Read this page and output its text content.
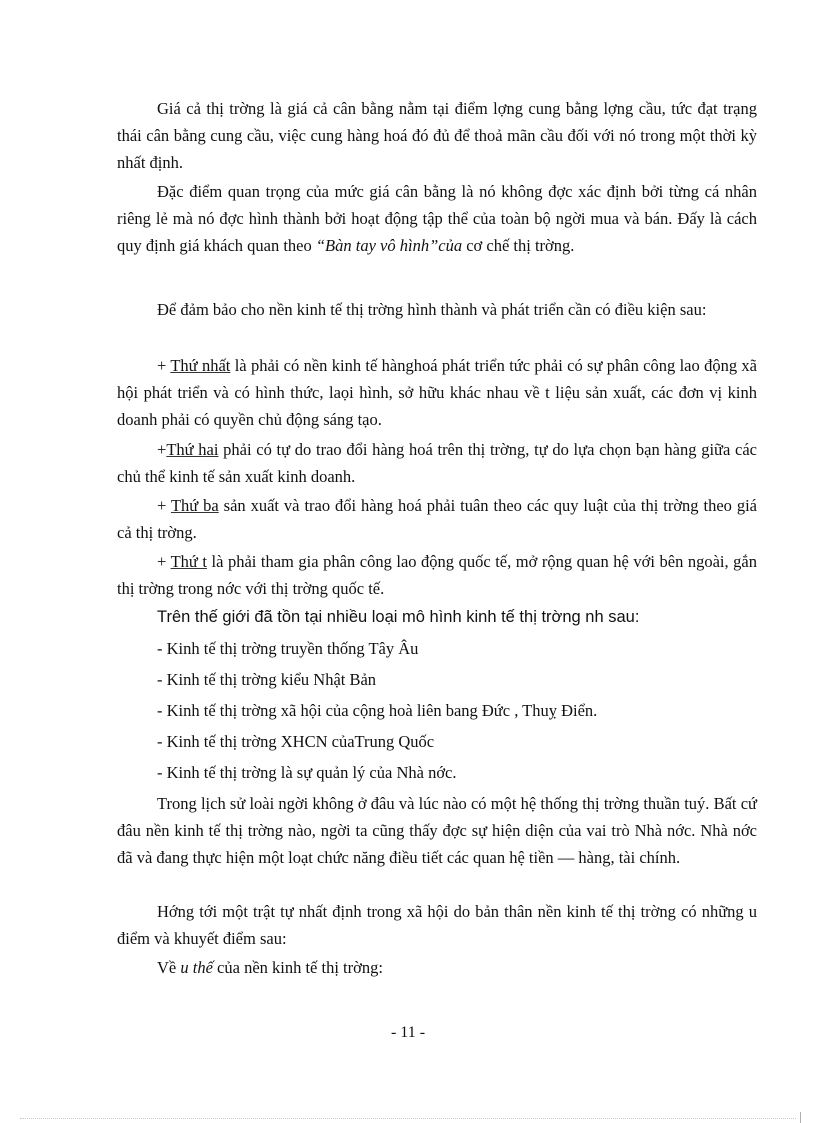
Giá cả thị trờng là giá cả cân bằng nằm tại điểm lợng cung bằng lợng cầu, tức đạt trạng thái cân bằng cung cầu, việc cung hàng hoá đó đủ để thoả mãn cầu đối với nó trong một thời kỳ nhất định.

Đặc điểm quan trọng của mức giá cân bằng là nó không đợc xác định bởi từng cá nhân riêng lẻ mà nó đợc hình thành bởi hoạt động tập thể của toàn bộ ngời mua và bán. Đấy là cách quy định giá khách quan theo “Bàn tay vô hình”của cơ chế thị trờng.

Để đảm bảo cho nền kinh tế thị trờng hình thành và phát triển cần có điều kiện sau:

+ Thứ nhất là phải có nền kinh tế hànghoá phát triển tức phải có sự phân công lao động xã hội phát triển và có hình thức, laọi hình, sở hữu khác nhau về t liệu sản xuất, các đơn vị kinh doanh phải có quyền chủ động sáng tạo.

+Thứ hai phải có tự do trao đổi hàng hoá trên thị trờng, tự do lựa chọn bạn hàng giữa các chủ thể kinh tế sản xuất kinh doanh.

+ Thứ ba sản xuất và trao đổi hàng hoá phải tuân theo các quy luật của thị trờng theo giá cả thị trờng.

+ Thứ t là phải tham gia phân công lao động quốc tế, mở rộng quan hệ với bên ngoài, gắn thị trờng trong nớc với thị trờng quốc tế.

Trên thế giới đã tồn tại nhiều loại mô hình kinh tế thị trờng nh sau:

- Kinh tế thị trờng truyền thống Tây Âu

- Kinh tế thị trờng kiểu Nhật Bản

- Kinh tế thị trờng xã hội của cộng hoà liên bang Đức , Thuỵ Điển.

- Kinh tế thị trờng XHCN củaTrung Quốc

- Kinh tế thị trờng là sự quản lý của Nhà nớc.

Trong lịch sử loài ngời không ở đâu và lúc nào có một hệ thống thị trờng thuần tuý. Bất cứ đâu nền kinh tế thị trờng nào, ngời ta cũng thấy đợc sự hiện diện của vai trò Nhà nớc. Nhà nớc đã và đang thực hiện một loạt chức năng điều tiết các quan hệ tiền — hàng, tài chính.

Hớng tới một trật tự nhất định trong xã hội do bản thân nền kinh tế thị trờng có những u điểm và khuyết điểm sau:

Về u thế của nền kinh tế thị trờng:

- 11 -
